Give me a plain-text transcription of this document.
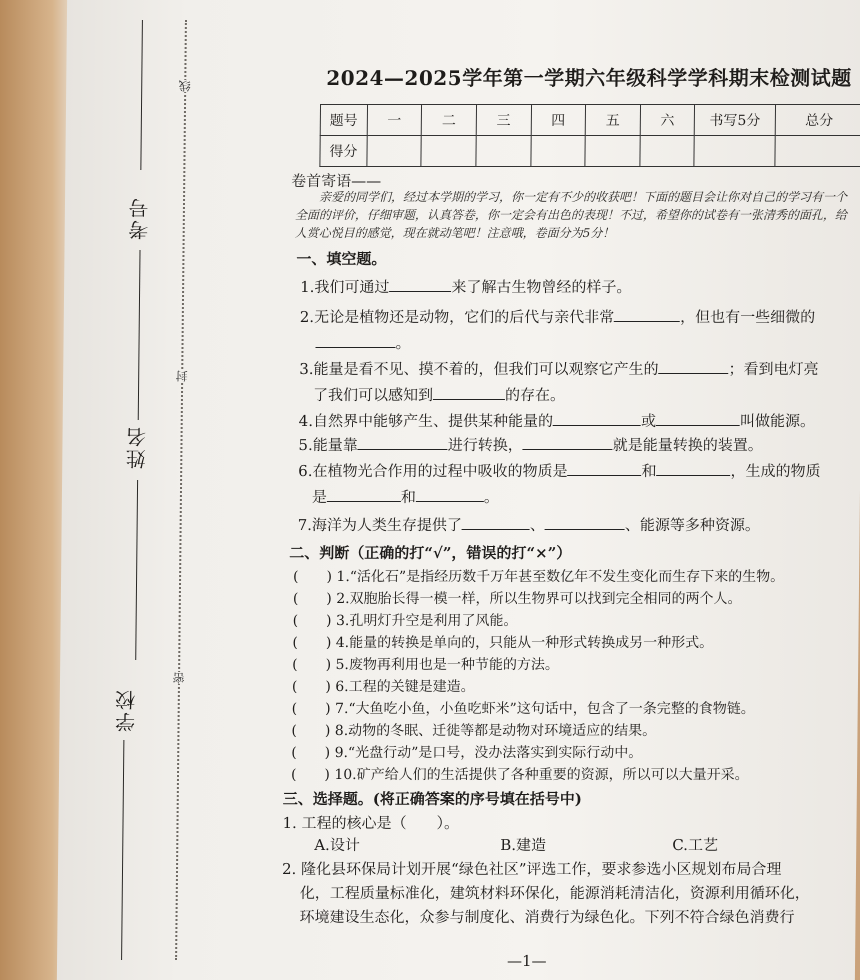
线
封
密
考号
姓名
学校
2024—2025学年第一学期六年级科学学科期末检测试题
题号	一	二	三	四	五	六	书写5分	总分
得分								
卷首寄语——
亲爱的同学们，经过本学期的学习，你一定有不少的收获吧！下面的题目会让你对自己的学习有一个全面的评价，仔细审题，认真答卷，你一定会有出色的表现！不过，希望你的试卷有一张清秀的面孔，给人赏心悦目的感觉，现在就动笔吧！注意哦，卷面分为5分！
一、填空题。
1.我们可通过	来了解古生物曾经的样子。
2.无论是植物还是动物，它们的后代与亲代非常	，但也有一些细微的
。
3.能量是看不见、摸不着的，但我们可以观察它产生的	；看到电灯亮
了我们可以感知到	的存在。
4.自然界中能够产生、提供某种能量的	或	叫做能源。
5.能量靠	进行转换，	就是能量转换的装置。
6.在植物光合作用的过程中吸收的物质是	和	，生成的物质
是	和	。
7.海洋为人类生存提供了	、	、能源等多种资源。
二、判断（正确的打“√”，错误的打“×”）
(　　) 1.“活化石”是指经历数千万年甚至数亿年不发生变化而生存下来的生物。
(　　) 2.双胞胎长得一模一样，所以生物界可以找到完全相同的两个人。
(　　) 3.孔明灯升空是利用了风能。
(　　) 4.能量的转换是单向的，只能从一种形式转换成另一种形式。
(　　) 5.废物再利用也是一种节能的方法。
(　　) 6.工程的关键是建造。
(　　) 7.“大鱼吃小鱼，小鱼吃虾米”这句话中，包含了一条完整的食物链。
(　　) 8.动物的冬眠、迁徙等都是动物对环境适应的结果。
(　　) 9.“光盘行动”是口号，没办法落实到实际行动中。
(　　) 10.矿产给人们的生活提供了各种重要的资源，所以可以大量开采。
三、选择题。(将正确答案的序号填在括号中)
1. 工程的核心是（　　）。
A.设计	B.建造	C.工艺
2. 隆化县环保局计划开展“绿色社区”评选工作，要求参选小区规划布局合理
化，工程质量标准化，建筑材料环保化，能源消耗清洁化，资源利用循环化，
环境建设生态化，众参与制度化、消费行为绿色化。下列不符合绿色消费行
—1—
